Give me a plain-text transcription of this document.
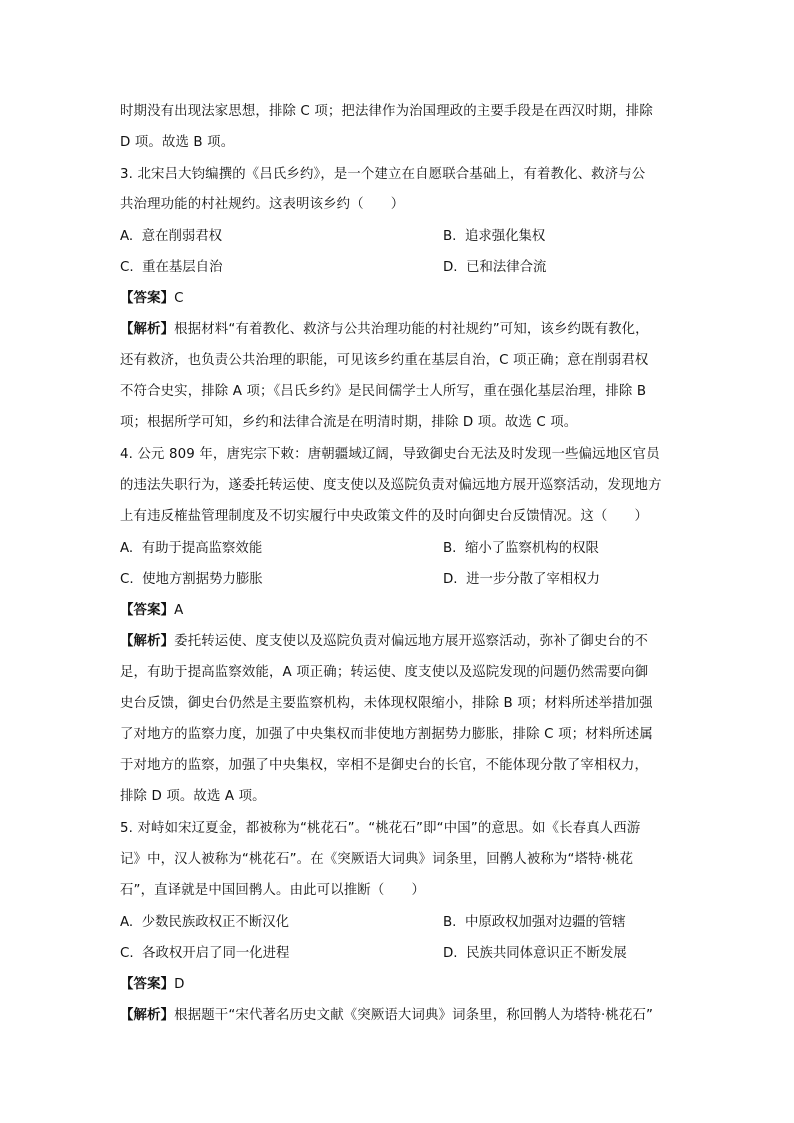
时期没有出现法家思想，排除 C 项；把法律作为治国理政的主要手段是在西汉时期，排除
D 项。故选 B 项。
3. 北宋吕大钧编撰的《吕氏乡约》，是一个建立在自愿联合基础上，有着教化、救济与公
共治理功能的村社规约。这表明该乡约（　　）
A. 意在削弱君权	B. 追求强化集权
C. 重在基层自治	D. 已和法律合流
【答案】C
【解析】根据材料“有着教化、救济与公共治理功能的村社规约”可知，该乡约既有教化，
还有救济，也负责公共治理的职能，可见该乡约重在基层自治，C 项正确；意在削弱君权
不符合史实，排除 A 项；《吕氏乡约》是民间儒学士人所写，重在强化基层治理，排除 B
项；根据所学可知，乡约和法律合流是在明清时期，排除 D 项。故选 C 项。
4. 公元 809 年，唐宪宗下敕：唐朝疆域辽阔，导致御史台无法及时发现一些偏远地区官员
的违法失职行为，遂委托转运使、度支使以及巡院负责对偏远地方展开巡察活动，发现地方
上有违反榷盐管理制度及不切实履行中央政策文件的及时向御史台反馈情况。这（　　）
A. 有助于提高监察效能	B. 缩小了监察机构的权限
C. 使地方割据势力膨胀	D. 进一步分散了宰相权力
【答案】A
【解析】委托转运使、度支使以及巡院负责对偏远地方展开巡察活动，弥补了御史台的不
足，有助于提高监察效能，A 项正确；转运使、度支使以及巡院发现的问题仍然需要向御
史台反馈，御史台仍然是主要监察机构，未体现权限缩小，排除 B 项；材料所述举措加强
了对地方的监察力度，加强了中央集权而非使地方割据势力膨胀，排除 C 项；材料所述属
于对地方的监察，加强了中央集权，宰相不是御史台的长官，不能体现分散了宰相权力，
排除 D 项。故选 A 项。
5. 对峙如宋辽夏金，都被称为“桃花石”。“桃花石”即“中国”的意思。如《长春真人西游
记》中，汉人被称为“桃花石”。在《突厥语大词典》词条里，回鹘人被称为“塔特·桃花
石”，直译就是中国回鹘人。由此可以推断（　　）
A. 少数民族政权正不断汉化	B. 中原政权加强对边疆的管辖
C. 各政权开启了同一化进程	D. 民族共同体意识正不断发展
【答案】D
【解析】根据题干“宋代著名历史文献《突厥语大词典》词条里，称回鹘人为塔特·桃花石”
